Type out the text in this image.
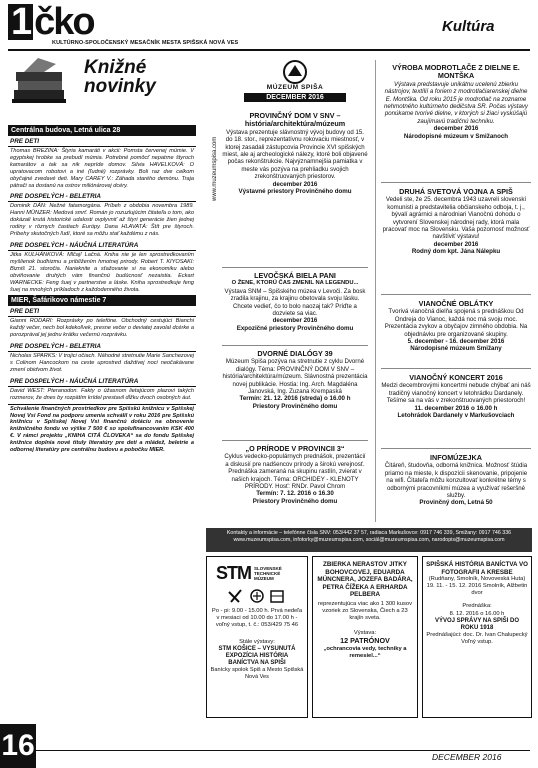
1 čko
KULTÚRNO-SPOLOČENSKÝ MESAČNÍK MESTA SPIŠSKÁ NOVÁ VES
Kultúra
Knižné novinky
Centrálna budova, Letná ulica 28
PRE DETI
Thomas BREZINA: Štyria kamaráti v akcii: Pomsta červenej múmie. V egyptskej hrobke sa prebudí múmia. Potrebné pomôcť nepatrne štyroch kamarátov a tak sa nik nepríde domov. Silvia HAVELKOVÁ: O upratovacom robotovi a iné (ľudné) rozprávky. Boli raz dve celkom obyčajné zvedavé deti. Mary CAREY V.: Záhada starého demónu. Traja pátrači sa dostanú na ostrov miliónárovej dcéry.
PRE DOSPELÝCH - BELETRIA
Dominik DÁN: Nežné fatamorgána. Príbeh z obdobia novembra 1989. Hanni MÜNZER: Medová smrť. Román jo rozuzlujúcim čitateľa o tom, ako dokázali krutá historické udalosti ovplyvniť až štyri generácie žien jednej rodiny v rôznych častiach Európy. Dana HLAVATÁ: Štít pre štyroch. Príbehy skutočných ľudí, ktoré sa môžu stať každému z nás.
PRE DOSPELÝCH - NÁUČNÁ LITERATÚRA
Jitka KULHÁNKOVÁ: Mlčaj! Lačná. Kniha nie je len sprostredkovaním myšlienok budhizmu a priblížením hmotnej prirody. Robert T. KIYOSAKI: Bizniš 21. storočia. Narieknite a sťažovanie si na ekonomiku alebo obviňovanie druhých vám finančnú budúcnosť nezaistia. Eckart WARNECKE: Feng šuej v partnerstve a láske. Kniha sprostredkuje feng šuej na mnohých príkladoch z každodenného života.
MIER, Šafárikovo námestie 7
PRE DETI
Gianni RODARI: Rozprávky po telefóne. Obchodný cestujúci Bianchi každý večer, nech bol kdekoľvek, presne večer o deviatej zavolal dcérke a porozprával jej jednu krátku večernú rozprávku.
PRE DOSPELÝCH - BELETRIA
Nicholas SPARKS: V trojici očiach. Náhodné stretnutie Marie Sanchezovej s Colinom Hancockom na ceste uprostred daždivej noci neočakávane zmení obidvom život.
PRE DOSPELÝCH - NÁUČNÁ LITERATÚRA
David WEST: Pteranodon. Fakty o úžasnom lietajúcom plazovi takých rozmerov, že dnes by rozpätím krídel prestavil dĺžku dvoch osobných áut.
Schválenie finančných prostriedkov pre Spišskú knižnicu v Spišskej Novej Vsi Fond na podporu umenia schválil v roku 2016 pre Spišskú knižnicu v Spišskej Novej Vsi finančnú dotáciu na obnovenie knižničného fondu vo výške 7 500 € so spolufinancovaním KSK 400 €. V rámci projektu „KNIHA CITÁ ČLOVEKA“ sa do fondu Spišskej knižnice doplnia nové tituly literatúry pre deti a mládež, beletrie a odbornej literatúry pre centrálnu budovu a pobočku MIER.
www.muzeumspisa.com

MÚZEUM SPIŠA

DECEMBER 2016

PROVINČNÝ DOM V SNV – história/architektúra/múzeum

Výstava prezentuje slávnostný vývoj budovy od 15. do 18. stor., reprezentatívnu rokovaciu miestnosť, v ktorej zasadali zástupcovia Provincie XVI spišských miest, ale aj archeologické nálezy, ktoré boli objavené počas rekonštrukcie. Najvýznamnejšia pamiatka v meste vás pozýva na prehliadku svojich zrekonštruovaných priestorov.

december 2016

Výstavné priestory Provinčného domu

LEVOČSKÁ BIELA PANI

O ŽENE, KTORÚ ČAS ZMENIL NA LEGENDU...

Výstava SNM – Spišského múzea v Levoči. Za bosk zradila krajinu, za krajinu obetovala svoju lásku. Chcete vedieť, čo to bolo naozaj tak? Príďte a dozviete sa viac.

december 2016

Expozičné priestory Provinčného domu

DVORNÉ DIALÓGY 39

Múzeum Spiša pozýva na stretnutie z cyklu Dvorné dialógy. Téma: PROVINČNÝ DOM V SNV – história/architektúra/múzeum. Slávnostná prezentácia novej publikácie. Hostia: Ing. Arch. Magdaléna Janovská, Ing. Zuzana Krempaská

Termín: 21. 12. 2016 (streda) o 16.00 h

Priestory Provinčného domu

„O PRÍRODE V PROVINCII 3“

Cyklus vedecko-populárnych prednášok, prezentácií a diskusií pre nadšencov prírody a širokú verejnosť. Prednáška zameraná na skupinu rastlín, zvierat v našich krajoch. Téma: ORCHIDEY - KLENOTY PRÍRODY. Hosť: RNDr. Pavol Chrom

Termín: 7. 12. 2016 o 16.30

Priestory Provinčného domu

VÝROBA MODROTLAČE Z DIELNE E. MONTŠKA

Výstava predstavuje unikátnu ucelenú zbierku nástrojov, textílií a foriem z modrotlačiarenskej dielne E. Montška. Od roku 2015 je modrotlač na zozname nehmotného kultúrneho dedičstva SR. Počas výstavy ponúkame tvorivé dielne, v ktorých si žiaci vyskúšajú zaujímavú tradičnú techniku.

december 2016

Národopisné múzeum v Smižanoch

DRUHÁ SVETOVÁ VOJNA A SPIŠ

Vedeli ste, že 25. decembra 1943 uzavreli slovenskí komunisti a predstavitelia občianskeho odboja, t. j., bývalí agrárnici a národniari Vianočnú dohodu o vytvorení Slovenskej národnej rady, ktorá mala pracovať moc na Slovensku. Vaša pozornosť možnosť navštíviť výstavu!

december 2016

Rodný dom kpt. Jána Nálepku

VIANOČNÉ OBLÁTKY

Tvorivá vianočná dielňa spojená s prednáškou Od Ondreja do Vianoc, každá noc má svoju moc. Prezentácia zvykov a obyčajov zimného obdobia. Na objednávku pre organizované skupiny.

5. december - 16. december 2016

Národopisné múzeum Smižany

VIANOČNÝ KONCERT 2016

Medzi decembrovými koncertmi nebude chýbať ani náš tradičný vianočný koncert v letohrádku Dardanely. Tešíme sa na vás v zrekonštruovaných priestoroch!

11. december 2016 o 16.00 h

Letohrádok Dardanely v Markušovciach

INFOMÚZEJKA

Čitáreň, študovňa, odborná knižnica. Možnosť štúdia priamo na mieste, k dispozícii skenovanie, pripojenie na wifi. Čitateľa môžu konzultovať konkrétne témy s odbornými pracovníkmi múzea a využívať rešeršné služby.

Provinčný dom, Letná 50

Kontakty a informácie – telefónne čísla SNV: 053/442 37 57, radiaca Markušovce: 0917 746 339, Smižany: 0917 746 336
www.muzeumspisa.com, infotorky@muzeumspisa.com, sociál@muzeumspisa.com, narodopis@muzeumspisa.com
STM SLOVENSKÉ TECHNICKÉ MÚZEUM
Po - pi: 9.00 - 15.00 h. Prvá nedeľa v mesiaci od 10.00 do 17.00 h - voľný vstup, t. č.: 053/429 75 46
Stále výstavy:
STM KOŠICE – VYSUNUTÁ EXPOZÍCIA HISTÓRIA BANÍCTVA NA SPIŠI
Banícky spolok Spiš a Mesto Spišská Nová Ves
ZBIERKA NERASTOV JITKY BOHOVCOVEJ, EDUARDA MÚNCNERA, JOZEFA BADÁRA, PETRA ČÍŽEKA A ERHARDA PELBERA
reprezentujúca viac ako 1 300 kusov vzoriek zo Slovenska, Čiech a 23 krajín sveta.
Výstava:
12 PATRÓNOV
„ochrancovia vedy, techniky a remesiel...“
SPIŠSKÁ HISTÓRIA BANÍCTVA VO FOTOGRAFII A KRESBE
(Rudňany, Smolník, Novoveská Huta) 19. 11. - 15. 12. 2016 Smolník, Alžbetin dvor
Prednáška:
8. 12. 2016 o 16.00 h
VÝVOJ SPRÁVY NA SPIŠI DO ROKU 1918
Prednášajúci: doc. Dr. Ivan Chalupecký
Voľný vstup.
16	DECEMBER 2016
